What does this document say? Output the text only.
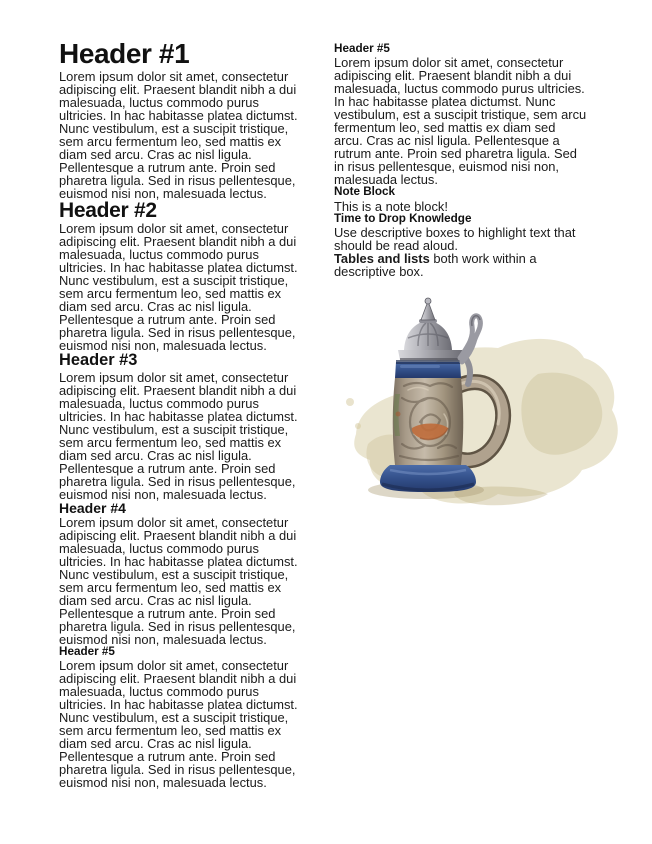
Header #1

Lorem ipsum dolor sit amet, consectetur adipiscing elit. Praesent blandit nibh a dui malesuada, luctus commodo purus ultricies. In hac habitasse platea dictumst. Nunc vestibulum, est a suscipit tristique, sem arcu fermentum leo, sed mattis ex diam sed arcu. Cras ac nisl ligula. Pellentesque a rutrum ante. Proin sed pharetra ligula. Sed in risus pellentesque, euismod nisi non, malesuada lectus.

Header #2

Lorem ipsum dolor sit amet, consectetur adipiscing elit. Praesent blandit nibh a dui malesuada, luctus commodo purus ultricies. In hac habitasse platea dictumst. Nunc vestibulum, est a suscipit tristique, sem arcu fermentum leo, sed mattis ex diam sed arcu. Cras ac nisl ligula. Pellentesque a rutrum ante. Proin sed pharetra ligula. Sed in risus pellentesque, euismod nisi non, malesuada lectus.

Header #3

Lorem ipsum dolor sit amet, consectetur adipiscing elit. Praesent blandit nibh a dui malesuada, luctus commodo purus ultricies. In hac habitasse platea dictumst. Nunc vestibulum, est a suscipit tristique, sem arcu fermentum leo, sed mattis ex diam sed arcu. Cras ac nisl ligula. Pellentesque a rutrum ante. Proin sed pharetra ligula. Sed in risus pellentesque, euismod nisi non, malesuada lectus.

Header #4

Lorem ipsum dolor sit amet, consectetur adipiscing elit. Praesent blandit nibh a dui malesuada, luctus commodo purus ultricies. In hac habitasse platea dictumst. Nunc vestibulum, est a suscipit tristique, sem arcu fermentum leo, sed mattis ex diam sed arcu. Cras ac nisl ligula. Pellentesque a rutrum ante. Proin sed pharetra ligula. Sed in risus pellentesque, euismod nisi non, malesuada lectus.

Header #5

Lorem ipsum dolor sit amet, consectetur adipiscing elit. Praesent blandit nibh a dui malesuada, luctus commodo purus ultricies. In hac habitasse platea dictumst. Nunc vestibulum, est a suscipit tristique, sem arcu fermentum leo, sed mattis ex diam sed arcu. Cras ac nisl ligula. Pellentesque a rutrum ante. Proin sed pharetra ligula. Sed in risus pellentesque, euismod nisi non, malesuada lectus.

Header #5

Lorem ipsum dolor sit amet, consectetur adipiscing elit. Praesent blandit nibh a dui malesuada, luctus commodo purus ultricies. In hac habitasse platea dictumst. Nunc vestibulum, est a suscipit tristique, sem arcu fermentum leo, sed mattis ex diam sed arcu. Cras ac nisl ligula. Pellentesque a rutrum ante. Proin sed pharetra ligula. Sed in risus pellentesque, euismod nisi non, malesuada lectus.

Note Block

This is a note block!

Time to Drop Knowledge

Use descriptive boxes to highlight text that should be read aloud.

Tables and lists both work within a descriptive box.
